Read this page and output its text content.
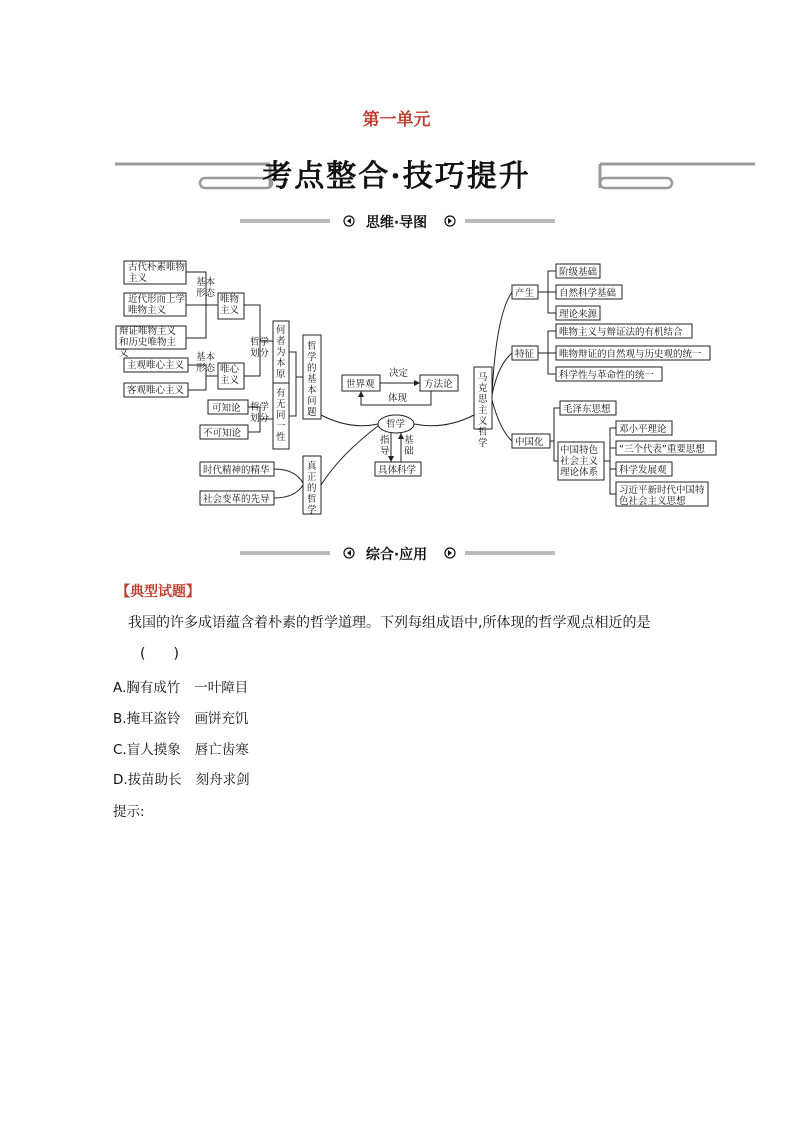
第一单元
考点整合·技巧提升
思维·导图
古代朴素唯物主义
近代形而上学唯物主义
辩证唯物主义和历史唯物主义
基本形态
唯物主义
主观唯心主义
客观唯心主义
基本形态 唯心主义
哲学划分
何者为本原
可知论
不可知论
哲学划分
有无同一性
哲学的基本问题
时代精神的精华
社会变革的先导
真正的哲学
世界观	方法论
决定
体现
哲学
指导
基础
具体科学
马克思主义哲学
产生
阶级基础
自然科学基础
理论来源
特征
唯物主义与辩证法的有机结合
唯物辩证的自然观与历史观的统一
科学性与革命性的统一
中国化
毛泽东思想
中国特色社会主义理论体系
邓小平理论
“三个代表”重要思想
科学发展观
习近平新时代中国特色社会主义思想
综合·应用
【典型试题】
我国的许多成语蕴含着朴素的哲学道理。下列每组成语中,所体现的哲学观点相近的是
(　　)
A.胸有成竹 一叶障目
B.掩耳盗铃 画饼充饥
C.盲人摸象 唇亡齿寒
D.拔苗助长 刻舟求剑
提示:
